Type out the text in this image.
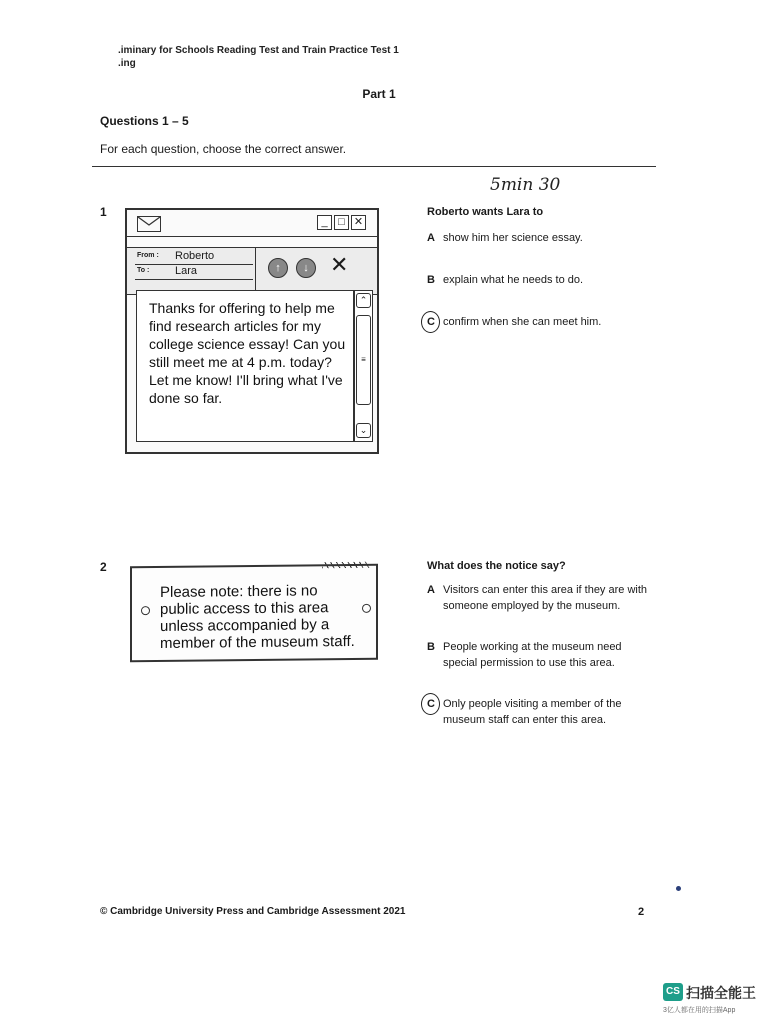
.iminary for Schools Reading Test and Train Practice Test 1
.ing
Part 1
Questions 1 – 5
For each question, choose the correct answer.
5min 30
1
_ □ ✕
From : Roberto
To : Lara	↑	↓ ✕
Thanks for offering to help me find research articles for my college science essay! Can you still meet me at 4 p.m. today? Let me know! I'll bring what I've done so far.
⌃
≡
⌄
Roberto wants Lara to
A show him her science essay.
B explain what he needs to do.
C confirm when she can meet him.
2
Please note: there is no public access to this area unless accompanied by a member of the museum staff.
What does the notice say?
A Visitors can enter this area if they are with
someone employed by the museum.
B People working at the museum need
special permission to use this area.
C Only people visiting a member of the
museum staff can enter this area.
© Cambridge University Press and Cambridge Assessment 2021	2
CS 扫描全能王
3亿人都在用的扫描App
